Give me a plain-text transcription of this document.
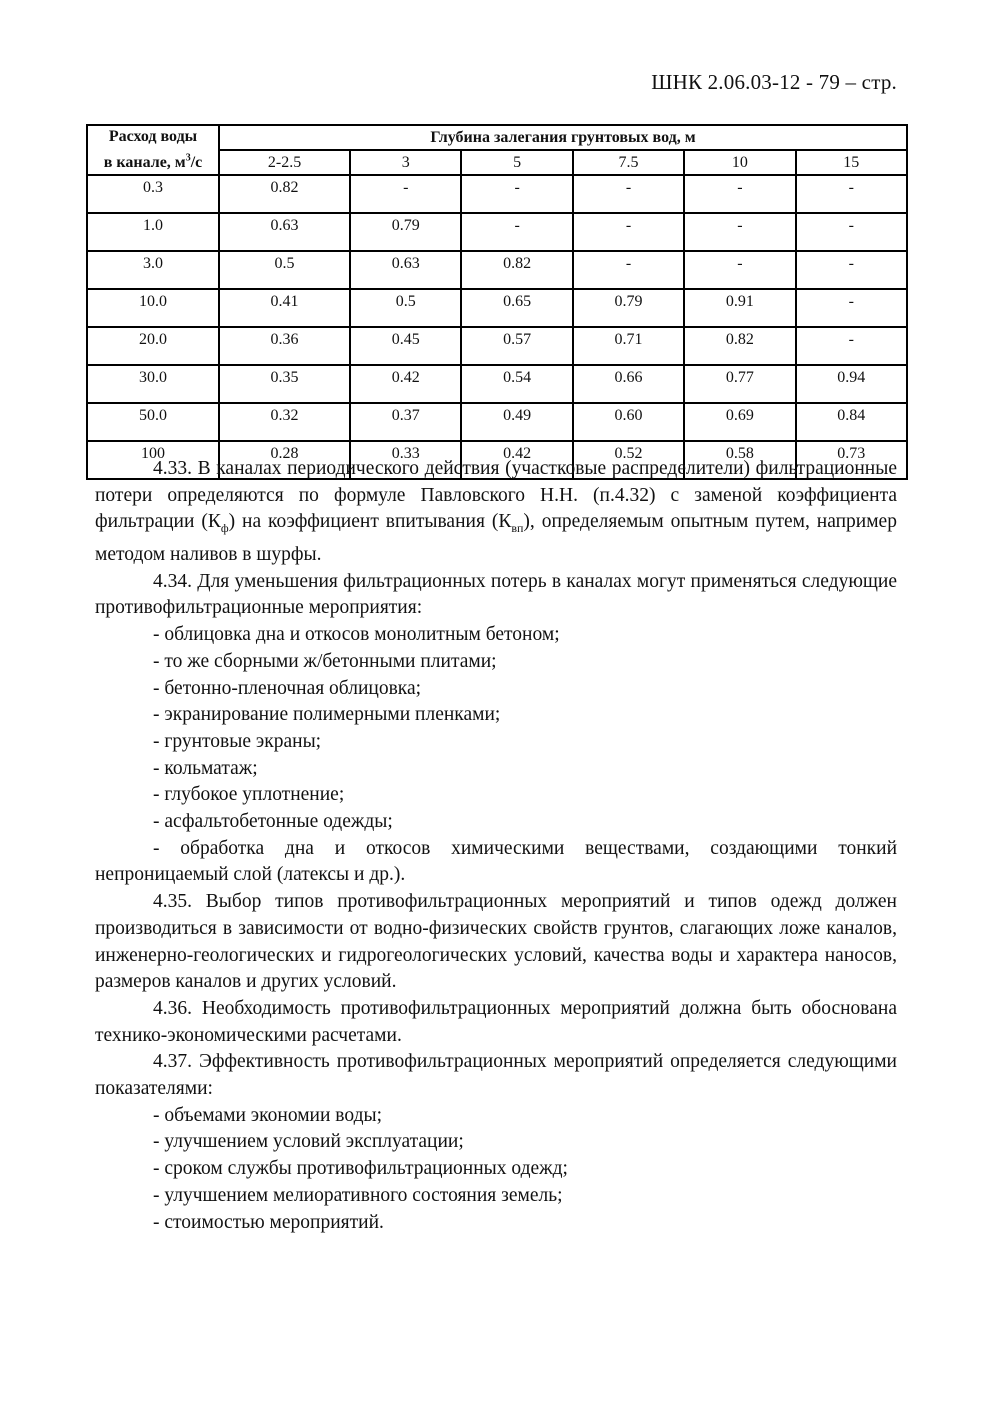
ШНК 2.06.03-12 - 79 – стр.
Расход воды
в канале, $м^3/с$	Глубина залегания грунтовых вод, м					
	2-2.5	3	5	7.5	10	15
0.3	0.82	-	-	-	-	-
1.0	0.63	0.79	-	-	-	-
3.0	0.5	0.63	0.82	-	-	-
10.0	0.41	0.5	0.65	0.79	0.91	-
20.0	0.36	0.45	0.57	0.71	0.82	-
30.0	0.35	0.42	0.54	0.66	0.77	0.94
50.0	0.32	0.37	0.49	0.60	0.69	0.84
100	0.28	0.33	0.42	0.52	0.58	0.73

4.33. В каналах периодического действия (участковые распределители) фильтрационные потери определяются по формуле Павловского Н.Н. (п.4.32) с заменой коэффициента фильтрации $(К_ф)$ на коэффициент впитывания $(К_{вп})$, определяемым опытным путем, например методом наливов в шурфы.

4.34. Для уменьшения фильтрационных потерь в каналах могут применяться следующие противофильтрационные мероприятия:

- облицовка дна и откосов монолитным бетоном;

- то же сборными ж/бетонными плитами;

- бетонно-пленочная облицовка;

- экранирование полимерными пленками;

- грунтовые экраны;

- кольматаж;

- глубокое уплотнение;

- асфальтобетонные одежды;

- обработка дна и откосов химическими веществами, создающими тонкий непроницаемый слой (латексы и др.).

4.35. Выбор типов противофильтрационных мероприятий и типов одежд должен производиться в зависимости от водно-физических свойств грунтов, слагающих ложе каналов, инженерно-геологических и гидрогеологических условий, качества воды и характера наносов, размеров каналов и других условий.

4.36. Необходимость противофильтрационных мероприятий должна быть обоснована технико-экономическими расчетами.

4.37. Эффективность противофильтрационных мероприятий определяется следующими показателями:

- объемами экономии воды;

- улучшением условий эксплуатации;

- сроком службы противофильтрационных одежд;

- улучшением мелиоративного состояния земель;

- стоимостью мероприятий.
